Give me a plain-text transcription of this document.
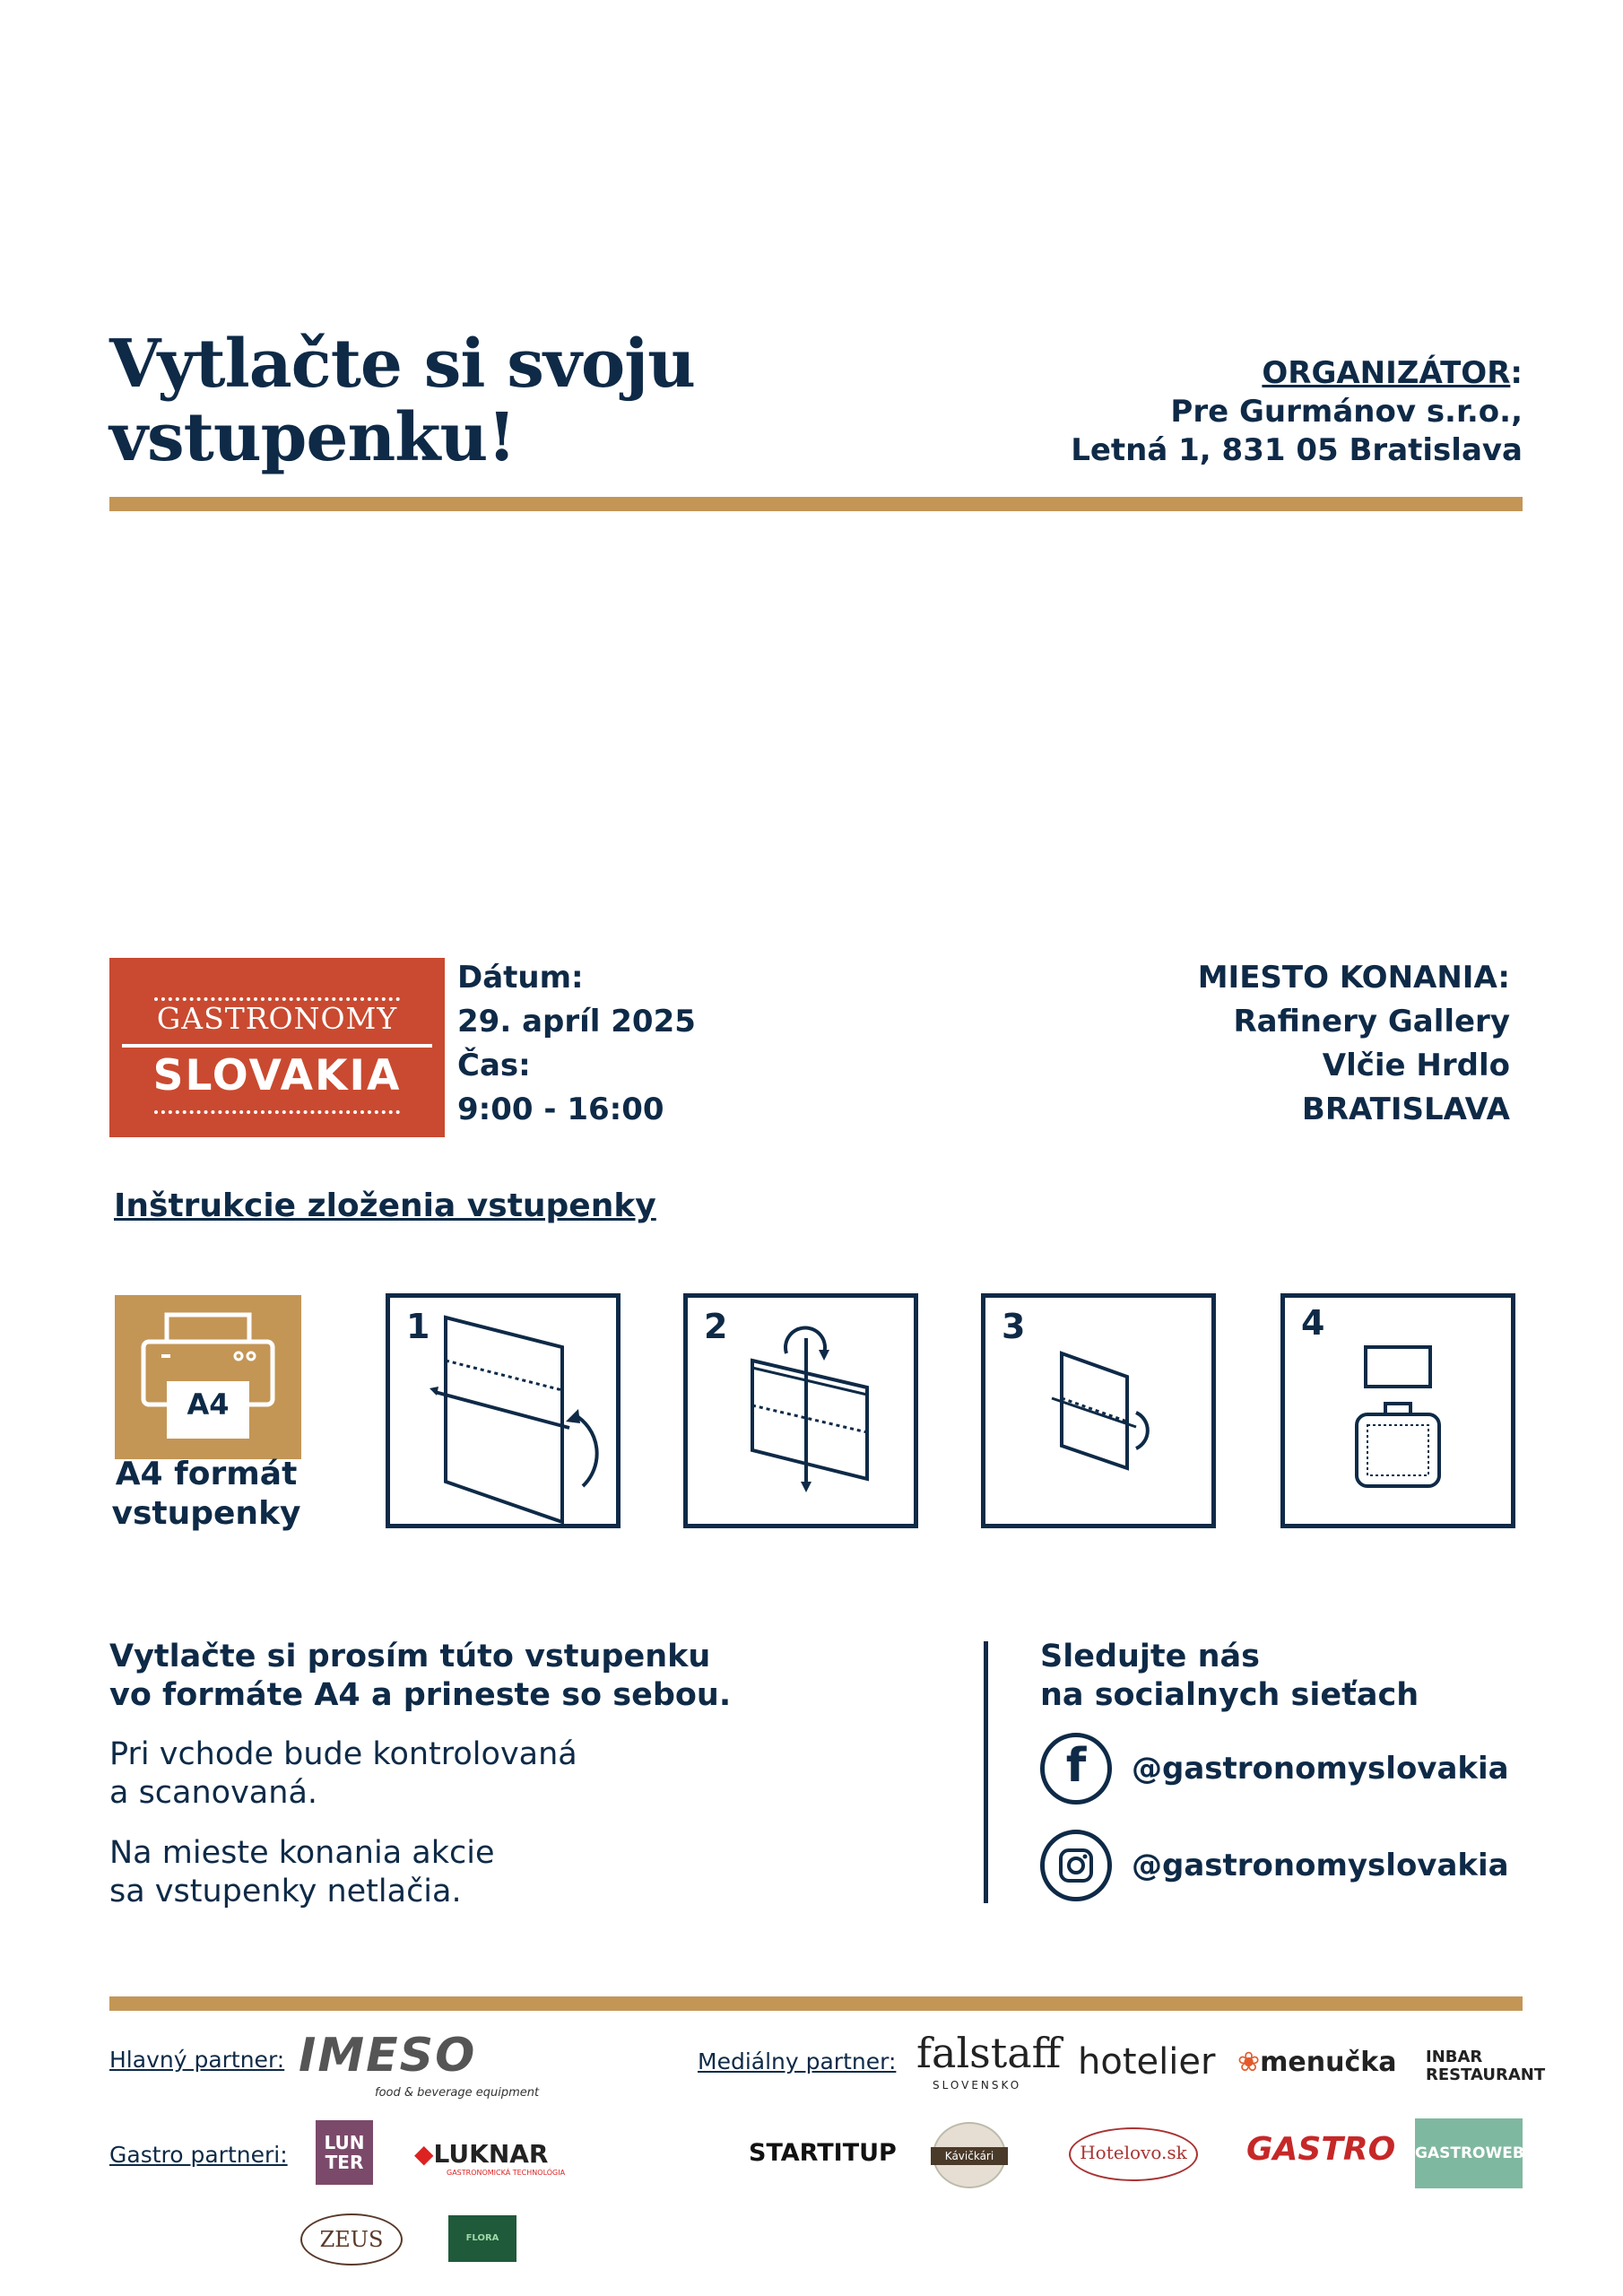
Vytlačte si svoju
vstupenku!
ORGANIZÁTOR:
Pre Gurmánov s.r.o.,
Letná 1, 831 05 Bratislava
GASTRONOMY
SLOVAKIA
Dátum:
29. apríl 2025
Čas:
9:00 - 16:00
MIESTO KONANIA:
Rafinery Gallery
Vlčie Hrdlo
BRATISLAVA
Inštrukcie zloženia vstupenky
A4
A4 formát
vstupenky
1	2	3	4
Vytlačte si prosím túto vstupenku
vo formáte A4 a prineste so sebou.
Pri vchode bude kontrolovaná
a scanovaná.
Na mieste konania akcie
sa vstupenky netlačia.
Sledujte nás
na socialnych sieťach
f	@gastronomyslovakia
@gastronomyslovakia
Hlavný partner: IMESO
food & beverage equipment
Mediálny partner: falstaff
SLOVENSKO
hotelier ❀menučka INBAR RESTAURANT
Gastro partneri:	LUN TER	◆LUKNAR
GASTRONOMICKÁ TECHNOLÓGIA
ZEUS	FLORA
STARTITUP	Kávičkári	Hotelovo.sk	GASTRO GASTROWEB
